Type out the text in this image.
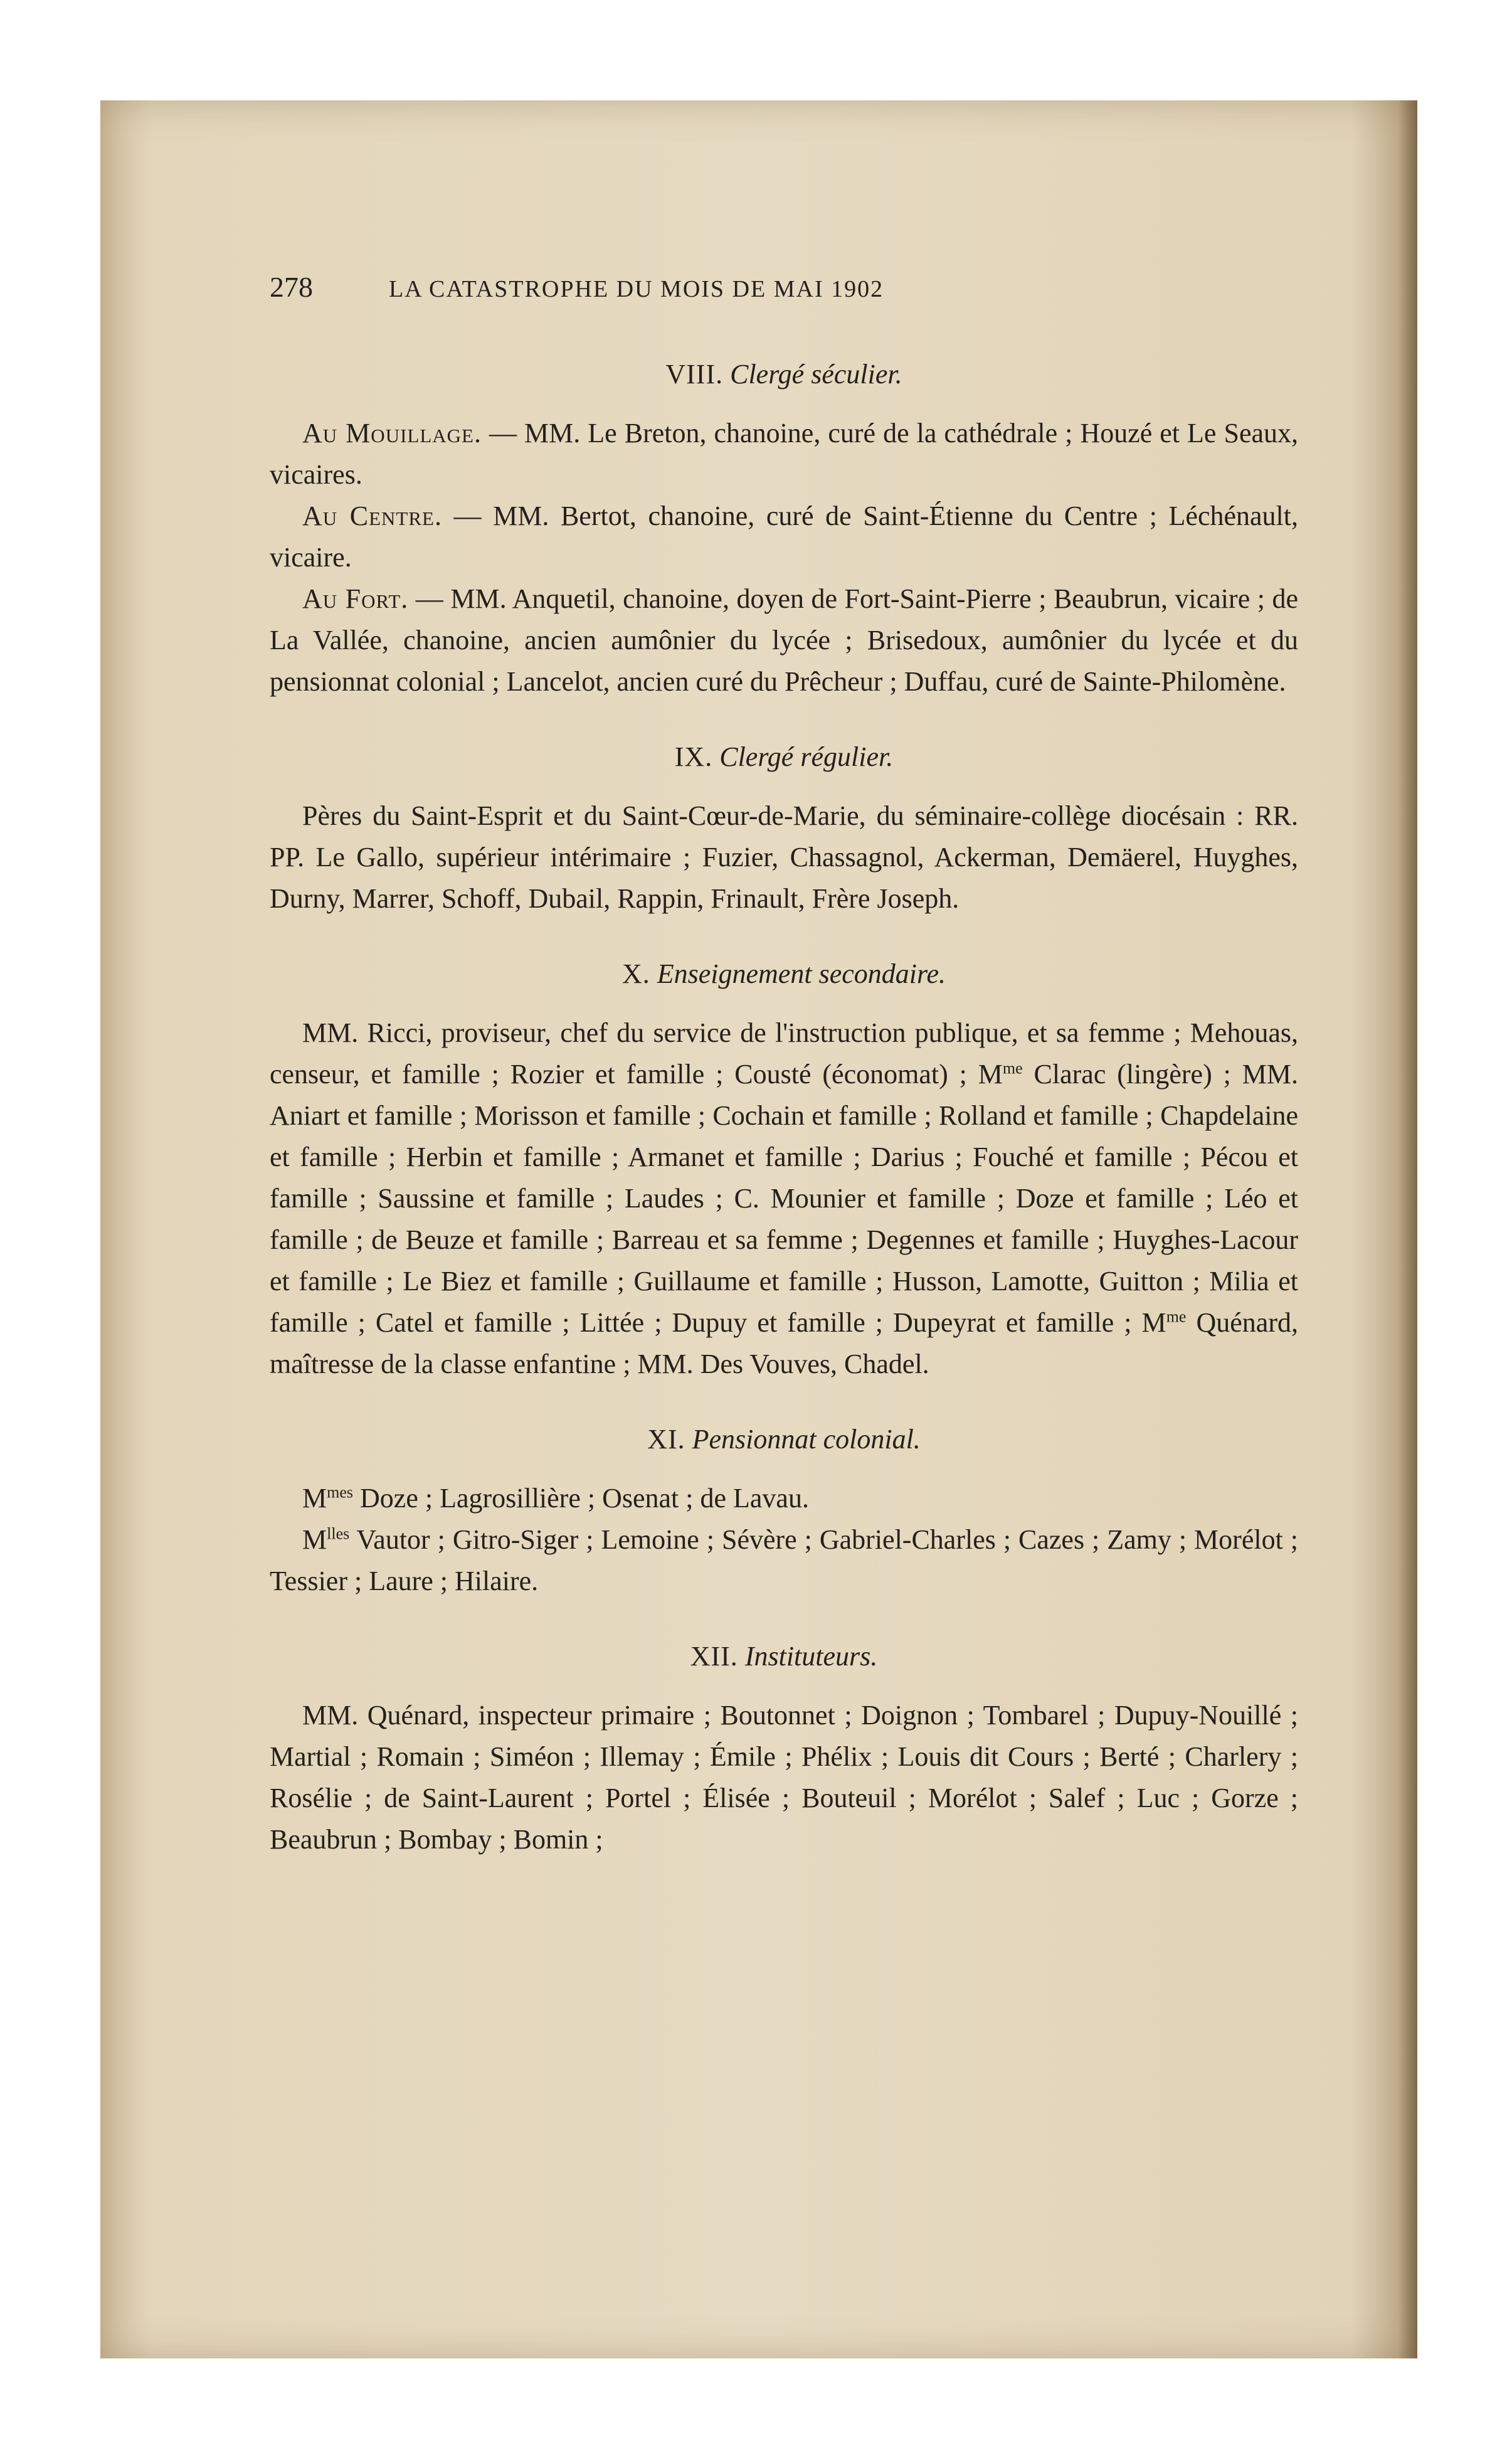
278	LA CATASTROPHE DU MOIS DE MAI 1902
VIII. Clergé séculier.

Au Mouillage. — MM. Le Breton, chanoine, curé de la cathédrale ; Houzé et Le Seaux, vicaires.

Au Centre. — MM. Bertot, chanoine, curé de Saint-Étienne du Centre ; Léchénault, vicaire.

Au Fort. — MM. Anquetil, chanoine, doyen de Fort-Saint-Pierre ; Beaubrun, vicaire ; de La Vallée, chanoine, ancien aumônier du lycée ; Brisedoux, aumônier du lycée et du pensionnat colonial ; Lancelot, ancien curé du Prêcheur ; Duffau, curé de Sainte-Philomène.

IX. Clergé régulier.

Pères du Saint-Esprit et du Saint-Cœur-de-Marie, du séminaire-collège diocésain : RR. PP. Le Gallo, supérieur intérimaire ; Fuzier, Chassagnol, Ackerman, Demäerel, Huyghes, Durny, Marrer, Schoff, Dubail, Rappin, Frinault, Frère Joseph.

X. Enseignement secondaire.

MM. Ricci, proviseur, chef du service de l'instruction publique, et sa femme ; Mehouas, censeur, et famille ; Rozier et famille ; Cousté (économat) ; $M^{me}$ Clarac (lingère) ; MM. Aniart et famille ; Morisson et famille ; Cochain et famille ; Rolland et famille ; Chapdelaine et famille ; Herbin et famille ; Armanet et famille ; Darius ; Fouché et famille ; Pécou et famille ; Saussine et famille ; Laudes ; C. Mounier et famille ; Doze et famille ; Léo et famille ; de Beuze et famille ; Barreau et sa femme ; Degennes et famille ; Huyghes-Lacour et famille ; Le Biez et famille ; Guillaume et famille ; Husson, Lamotte, Guitton ; Milia et famille ; Catel et famille ; Littée ; Dupuy et famille ; Dupeyrat et famille ; $M^{me}$ Quénard, maîtresse de la classe enfantine ; MM. Des Vouves, Chadel.

XI. Pensionnat colonial.

$M^{mes}$ Doze ; Lagrosillière ; Osenat ; de Lavau.

$M^{lles}$ Vautor ; Gitro-Siger ; Lemoine ; Sévère ; Gabriel-Charles ; Cazes ; Zamy ; Morélot ; Tessier ; Laure ; Hilaire.

XII. Instituteurs.

MM. Quénard, inspecteur primaire ; Boutonnet ; Doignon ; Tombarel ; Dupuy-Nouillé ; Martial ; Romain ; Siméon ; Illemay ; Émile ; Phélix ; Louis dit Cours ; Berté ; Charlery ; Rosélie ; de Saint-Laurent ; Portel ; Élisée ; Bouteuil ; Morélot ; Salef ; Luc ; Gorze ; Beaubrun ; Bombay ; Bomin ;
